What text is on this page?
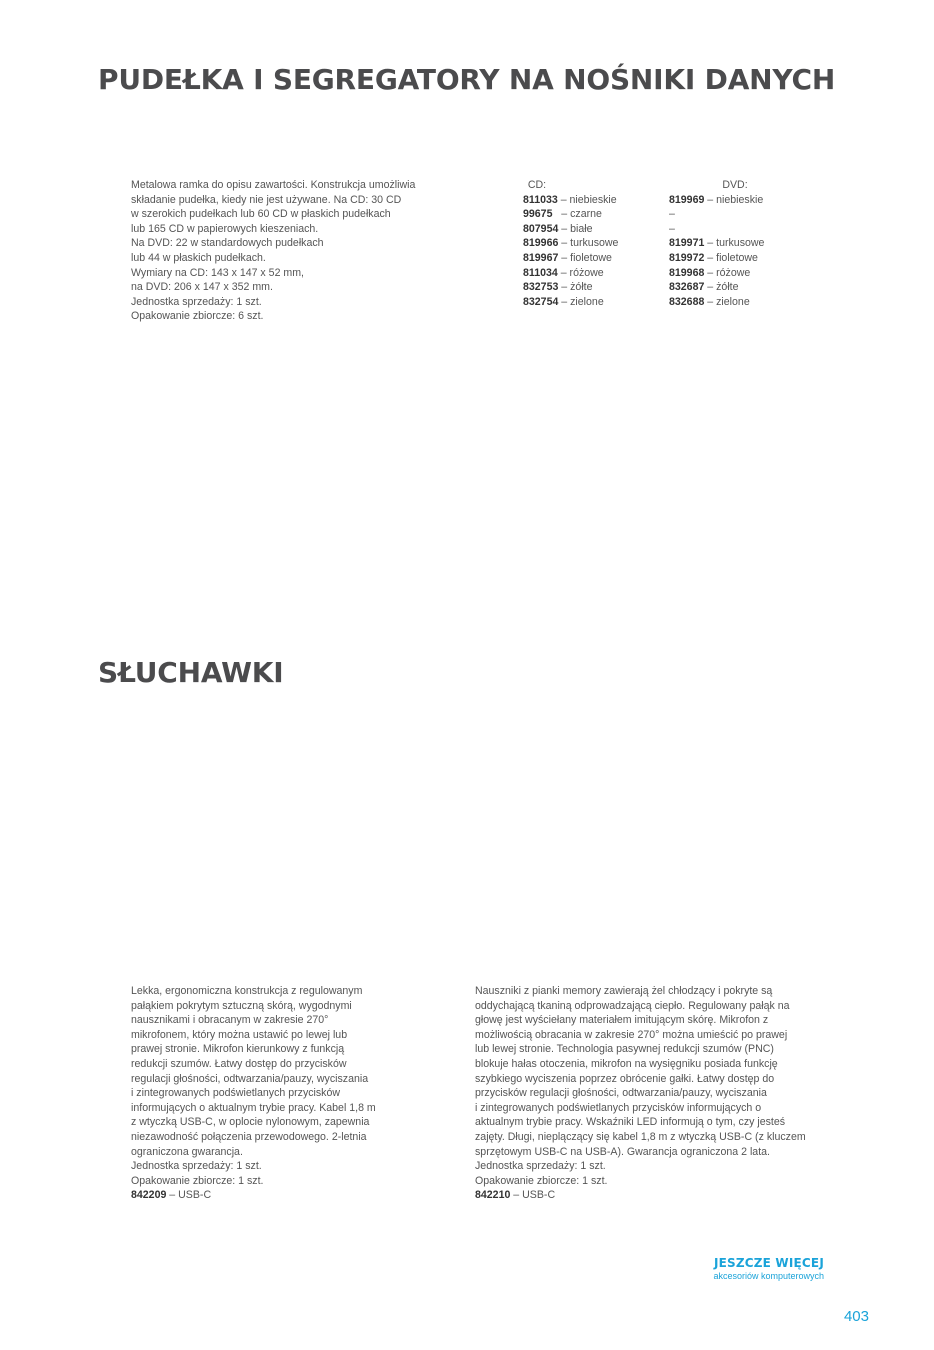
PUDEŁKA I SEGREGATORY NA NOŚNIKI DANYCH

Metalowa ramka do opisu zawartości. Konstrukcja umożliwia

składanie pudełka, kiedy nie jest używane. Na CD: 30 CD

w szerokich pudełkach lub 60 CD w płaskich pudełkach

lub 165 CD w papierowych kieszeniach.

Na DVD: 22 w standardowych pudełkach

lub 44 w płaskich pudełkach.

Wymiary na CD: 143 x 147 x 52 mm,

na DVD: 206 x 147 x 352 mm.

Jednostka sprzedaży: 1 szt.

Opakowanie zbiorcze: 6 szt.

CD:
811033 – niebieskie
99675   – czarne
807954 – białe
819966 – turkusowe
819967 – fioletowe
811034 – różowe
832753 – żółte
832754 – zielone
DVD:
819969 – niebieskie
–
–
819971 – turkusowe
819972 – fioletowe
819968 – różowe
832687 – żółte
832688 – zielone
SŁUCHAWKI

Lekka, ergonomiczna konstrukcja z regulowanym

pałąkiem pokrytym sztuczną skórą, wygodnymi

nausznikami i obracanym w zakresie 270°

mikrofonem, który można ustawić po lewej lub

prawej stronie. Mikrofon kierunkowy z funkcją

redukcji szumów. Łatwy dostęp do przycisków

regulacji głośności, odtwarzania/pauzy, wyciszania

i zintegrowanych podświetlanych przycisków

informujących o aktualnym trybie pracy. Kabel 1,8 m

z wtyczką USB-C, w oplocie nylonowym, zapewnia

niezawodność połączenia przewodowego. 2-letnia

ograniczona gwarancja.

Jednostka sprzedaży: 1 szt.

Opakowanie zbiorcze: 1 szt.

842209 – USB-C

Nauszniki z pianki memory zawierają żel chłodzący i pokryte są

oddychającą tkaniną odprowadzającą ciepło. Regulowany pałąk na

głowę jest wyściełany materiałem imitującym skórę. Mikrofon z

możliwością obracania w zakresie 270° można umieścić po prawej

lub lewej stronie. Technologia pasywnej redukcji szumów (PNC)

blokuje hałas otoczenia, mikrofon na wysięgniku posiada funkcję

szybkiego wyciszenia poprzez obrócenie gałki. Łatwy dostęp do

przycisków regulacji głośności, odtwarzania/pauzy, wyciszania

i zintegrowanych podświetlanych przycisków informujących o

aktualnym trybie pracy. Wskaźniki LED informują o tym, czy jesteś

zajęty. Długi, nieplączący się kabel 1,8 m z wtyczką USB-C (z kluczem

sprzętowym USB-C na USB-A). Gwarancja ograniczona 2 lata.

Jednostka sprzedaży: 1 szt.

Opakowanie zbiorcze: 1 szt.

842210 – USB-C

JESZCZE WIĘCEJ
akcesoriów komputerowych
403
